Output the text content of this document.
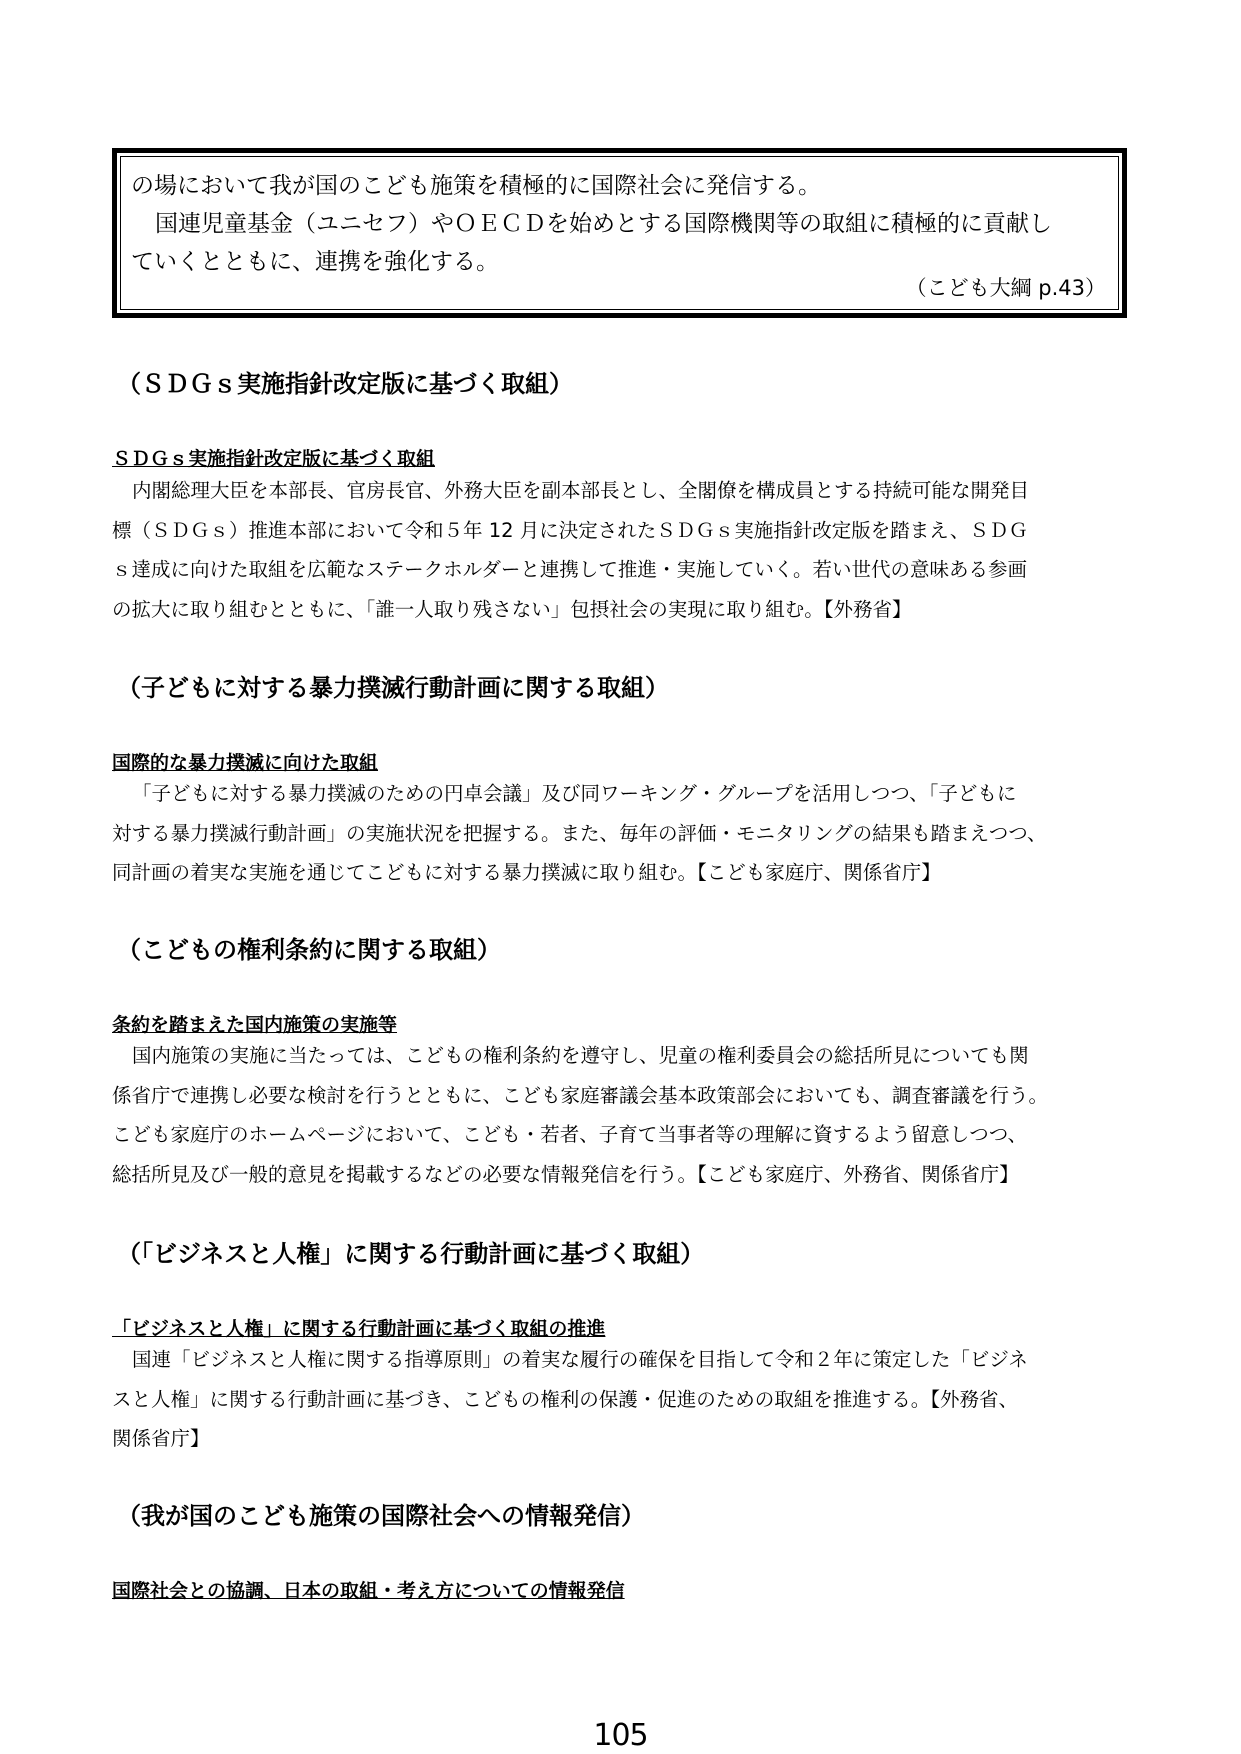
の場において我が国のこども施策を積極的に国際社会に発信する。

国連児童基金（ユニセフ）やＯＥＣＤを始めとする国際機関等の取組に積極的に貢献し

ていくとともに、連携を強化する。

（こども大綱 p.43）
（ＳＤＧｓ実施指針改定版に基づく取組）
ＳＤＧｓ実施指針改定版に基づく取組
内閣総理大臣を本部長、官房長官、外務大臣を副本部長とし、全閣僚を構成員とする持続可能な開発目
標（ＳＤＧｓ）推進本部において令和５年 12 月に決定されたＳＤＧｓ実施指針改定版を踏まえ、ＳＤＧ
ｓ達成に向けた取組を広範なステークホルダーと連携して推進・実施していく。若い世代の意味ある参画
の拡大に取り組むとともに、「誰一人取り残さない」包摂社会の実現に取り組む。【外務省】
（子どもに対する暴力撲滅行動計画に関する取組）
国際的な暴力撲滅に向けた取組
「子どもに対する暴力撲滅のための円卓会議」及び同ワーキング・グループを活用しつつ、「子どもに
対する暴力撲滅行動計画」の実施状況を把握する。また、毎年の評価・モニタリングの結果も踏まえつつ、
同計画の着実な実施を通じてこどもに対する暴力撲滅に取り組む。【こども家庭庁、関係省庁】
（こどもの権利条約に関する取組）
条約を踏まえた国内施策の実施等
国内施策の実施に当たっては、こどもの権利条約を遵守し、児童の権利委員会の総括所見についても関
係省庁で連携し必要な検討を行うとともに、こども家庭審議会基本政策部会においても、調査審議を行う。
こども家庭庁のホームページにおいて、こども・若者、子育て当事者等の理解に資するよう留意しつつ、
総括所見及び一般的意見を掲載するなどの必要な情報発信を行う。【こども家庭庁、外務省、関係省庁】
（「ビジネスと人権」に関する行動計画に基づく取組）
「ビジネスと人権」に関する行動計画に基づく取組の推進
国連「ビジネスと人権に関する指導原則」の着実な履行の確保を目指して令和２年に策定した「ビジネ
スと人権」に関する行動計画に基づき、こどもの権利の保護・促進のための取組を推進する。【外務省、
関係省庁】
（我が国のこども施策の国際社会への情報発信）
国際社会との協調、日本の取組・考え方についての情報発信
105
